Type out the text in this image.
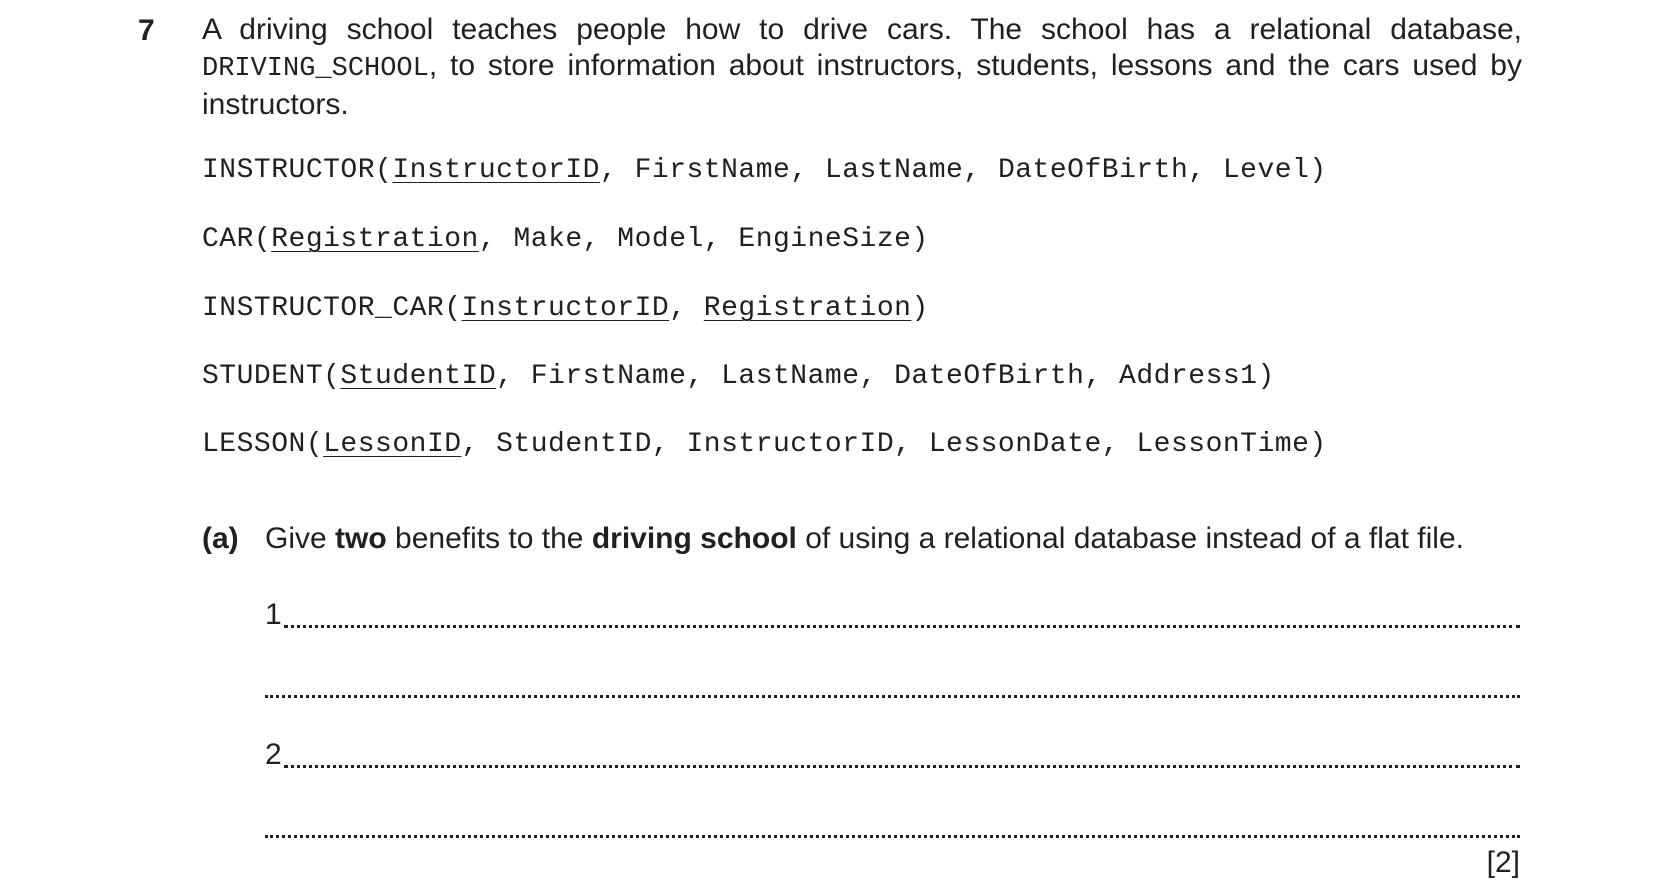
7 A driving school teaches people how to drive cars. The school has a relational database, DRIVING_SCHOOL, to store information about instructors, students, lessons and the cars used by instructors.
INSTRUCTOR(InstructorID, FirstName, LastName, DateOfBirth, Level)
CAR(Registration, Make, Model, EngineSize)
INSTRUCTOR_CAR(InstructorID, Registration)
STUDENT(StudentID, FirstName, LastName, DateOfBirth, Address1)
LESSON(LessonID, StudentID, InstructorID, LessonDate, LessonTime)
(a) Give two benefits to the driving school of using a relational database instead of a flat file.
1
2
[2]
